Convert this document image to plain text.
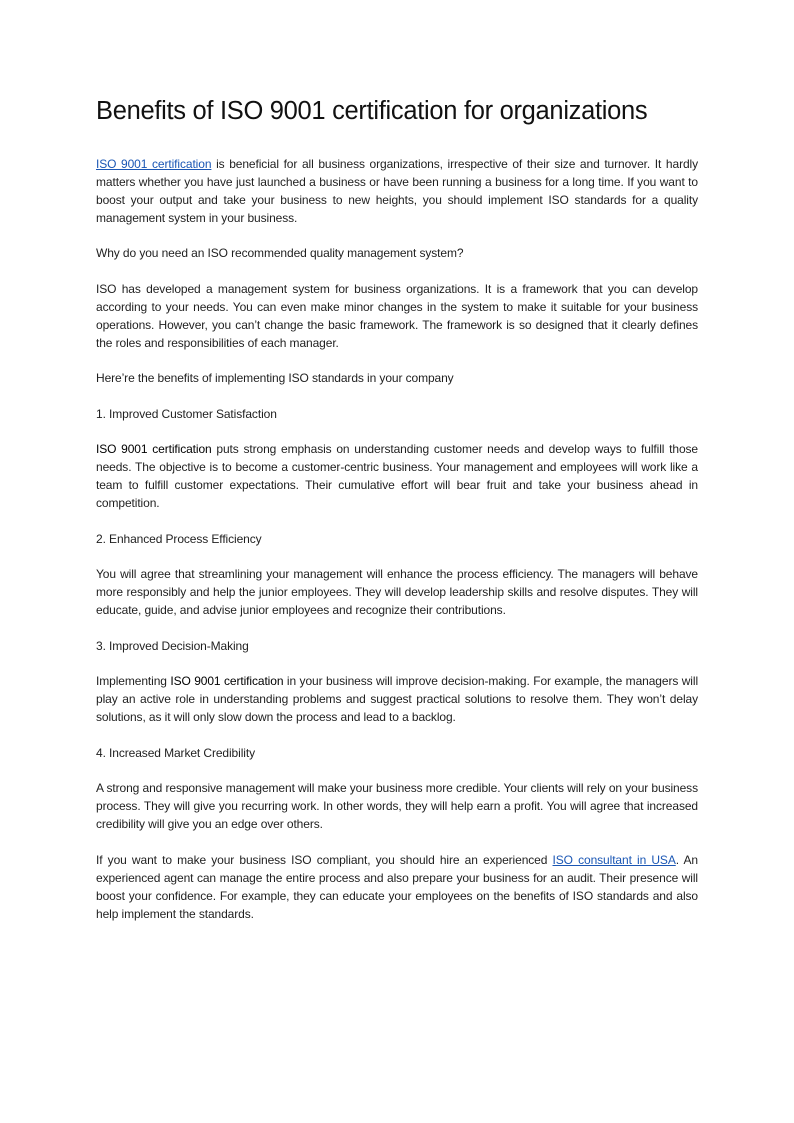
Benefits of ISO 9001 certification for organizations

ISO 9001 certification is beneficial for all business organizations, irrespective of their size and turnover. It hardly matters whether you have just launched a business or have been running a business for a long time. If you want to boost your output and take your business to new heights, you should implement ISO standards for a quality management system in your business.

Why do you need an ISO recommended quality management system?

ISO has developed a management system for business organizations. It is a framework that you can develop according to your needs. You can even make minor changes in the system to make it suitable for your business operations. However, you can’t change the basic framework. The framework is so designed that it clearly defines the roles and responsibilities of each manager.

Here’re the benefits of implementing ISO standards in your company

1. Improved Customer Satisfaction

ISO 9001 certification puts strong emphasis on understanding customer needs and develop ways to fulfill those needs. The objective is to become a customer-centric business. Your management and employees will work like a team to fulfill customer expectations. Their cumulative effort will bear fruit and take your business ahead in competition.

2. Enhanced Process Efficiency

You will agree that streamlining your management will enhance the process efficiency. The managers will behave more responsibly and help the junior employees. They will develop leadership skills and resolve disputes. They will educate, guide, and advise junior employees and recognize their contributions.

3. Improved Decision-Making

Implementing ISO 9001 certification in your business will improve decision-making. For example, the managers will play an active role in understanding problems and suggest practical solutions to resolve them. They won’t delay solutions, as it will only slow down the process and lead to a backlog.

4. Increased Market Credibility

A strong and responsive management will make your business more credible. Your clients will rely on your business process. They will give you recurring work. In other words, they will help earn a profit. You will agree that increased credibility will give you an edge over others.

If you want to make your business ISO compliant, you should hire an experienced ISO consultant in USA. An experienced agent can manage the entire process and also prepare your business for an audit. Their presence will boost your confidence. For example, they can educate your employees on the benefits of ISO standards and also help implement the standards.
